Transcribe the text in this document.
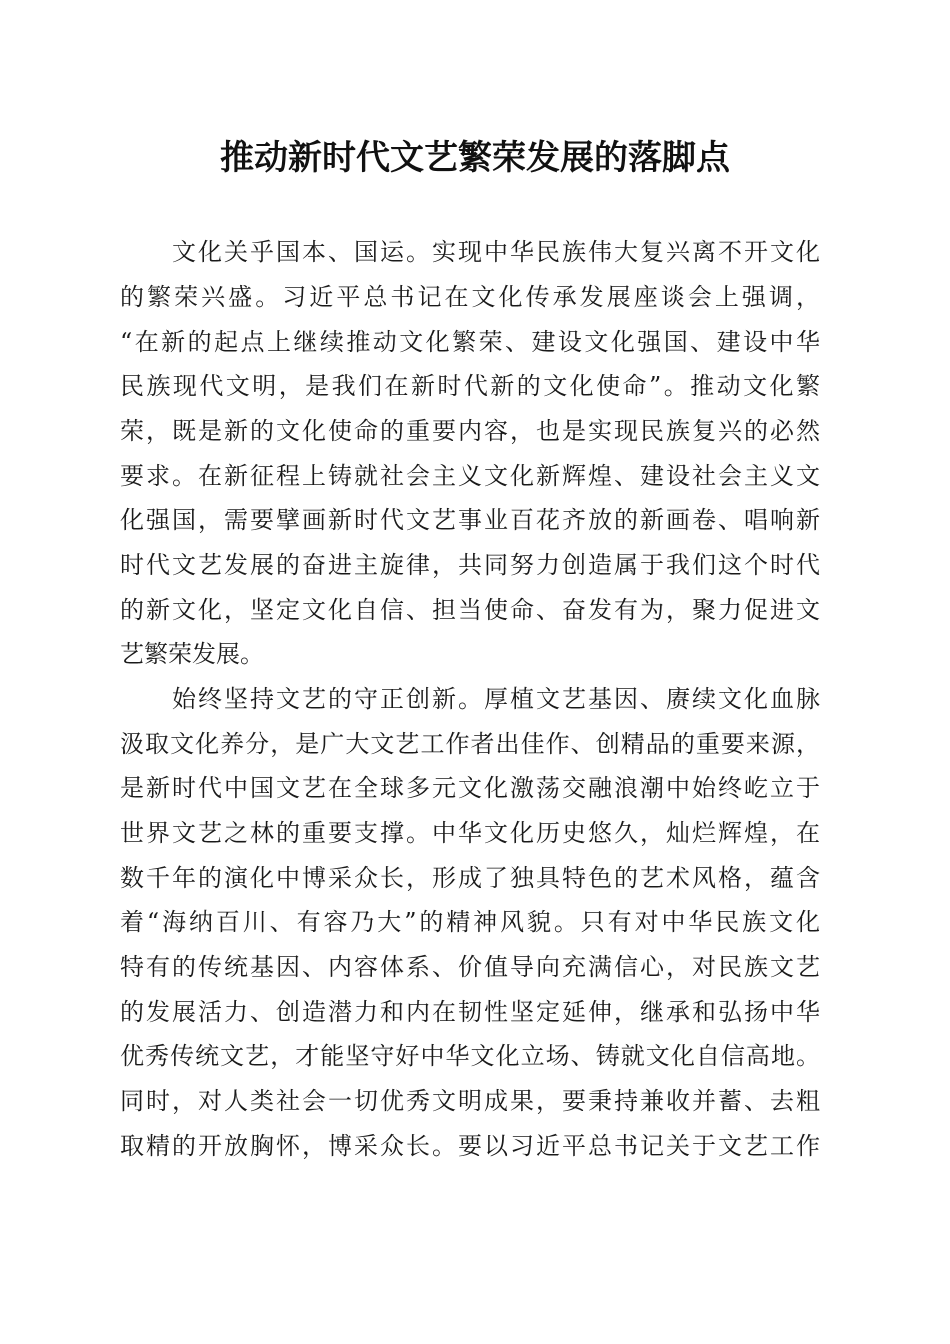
推动新时代文艺繁荣发展的落脚点
文化关乎国本、国运。实现中华民族伟大复兴离不开文化
的繁荣兴盛。习近平总书记在文化传承发展座谈会上强调，
“在新的起点上继续推动文化繁荣、建设文化强国、建设中华
民族现代文明，是我们在新时代新的文化使命”。推动文化繁
荣，既是新的文化使命的重要内容，也是实现民族复兴的必然
要求。在新征程上铸就社会主义文化新辉煌、建设社会主义文
化强国，需要擘画新时代文艺事业百花齐放的新画卷、唱响新
时代文艺发展的奋进主旋律，共同努力创造属于我们这个时代
的新文化，坚定文化自信、担当使命、奋发有为，聚力促进文
艺繁荣发展。
始终坚持文艺的守正创新。厚植文艺基因、赓续文化血脉
汲取文化养分，是广大文艺工作者出佳作、创精品的重要来源，
是新时代中国文艺在全球多元文化激荡交融浪潮中始终屹立于
世界文艺之林的重要支撑。中华文化历史悠久，灿烂辉煌，在
数千年的演化中博采众长，形成了独具特色的艺术风格，蕴含
着“海纳百川、有容乃大”的精神风貌。只有对中华民族文化
特有的传统基因、内容体系、价值导向充满信心，对民族文艺
的发展活力、创造潜力和内在韧性坚定延伸，继承和弘扬中华
优秀传统文艺，才能坚守好中华文化立场、铸就文化自信高地。
同时，对人类社会一切优秀文明成果，要秉持兼收并蓄、去粗
取精的开放胸怀，博采众长。要以习近平总书记关于文艺工作
